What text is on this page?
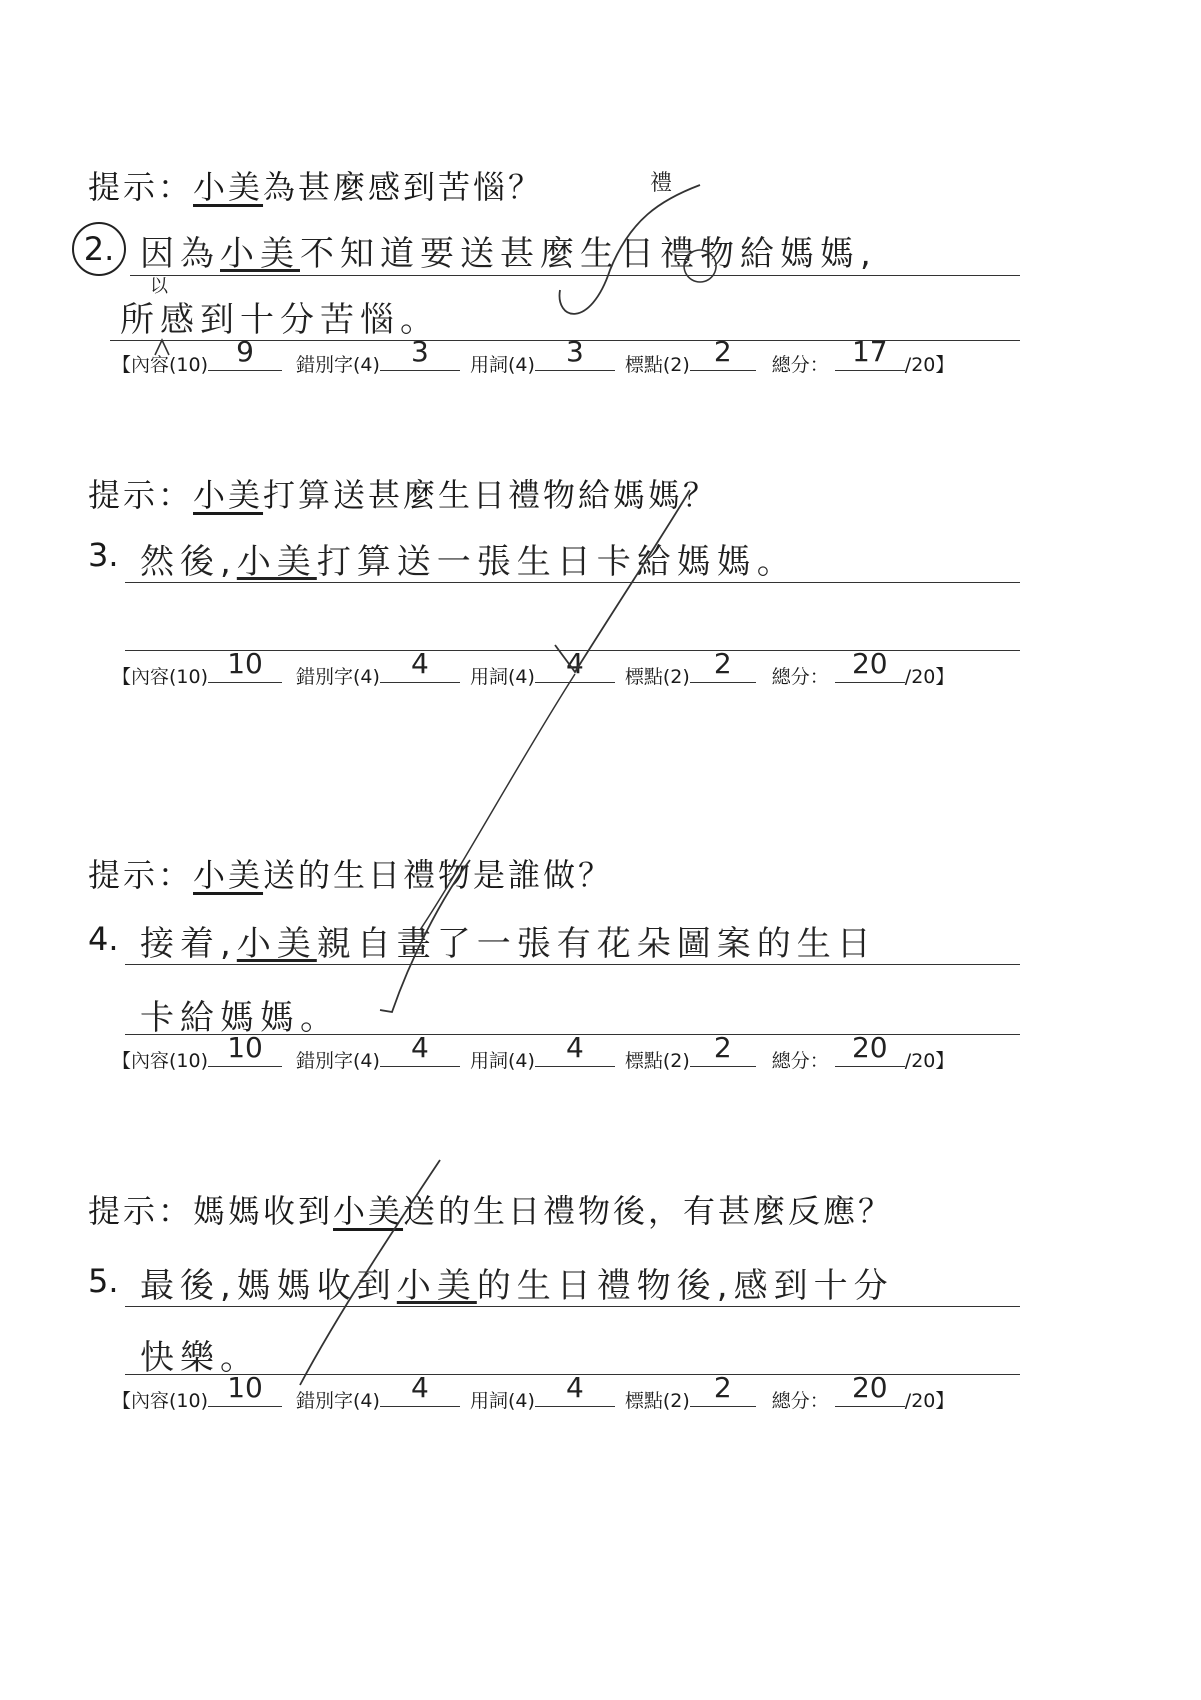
提示：小美為甚麼感到苦惱？
2.
禮
因為小美不知道要送甚麼生日禮物給媽媽,
以
所感到十分苦惱。
【內容(10)	9	錯別字(4)	3	用詞(4)	3	標點(2) 2	總分： 17 /20】
提示：小美打算送甚麼生日禮物給媽媽？
3. 然後,小美打算送一張生日卡給媽媽。
【內容(10) 10	錯別字(4)	4	用詞(4)	4	標點(2) 2	總分： 20 /20】
提示：小美送的生日禮物是誰做？
4. 接着,小美親自畫了一張有花朵圖案的生日
卡給媽媽。
【內容(10) 10	錯別字(4)	4	用詞(4)	4	標點(2) 2	總分： 20 /20】
提示：媽媽收到小美送的生日禮物後，有甚麼反應？
5. 最後,媽媽收到小美的生日禮物後,感到十分
快樂。
【內容(10) 10	錯別字(4)	4	用詞(4)	4	標點(2) 2	總分： 20 /20】
